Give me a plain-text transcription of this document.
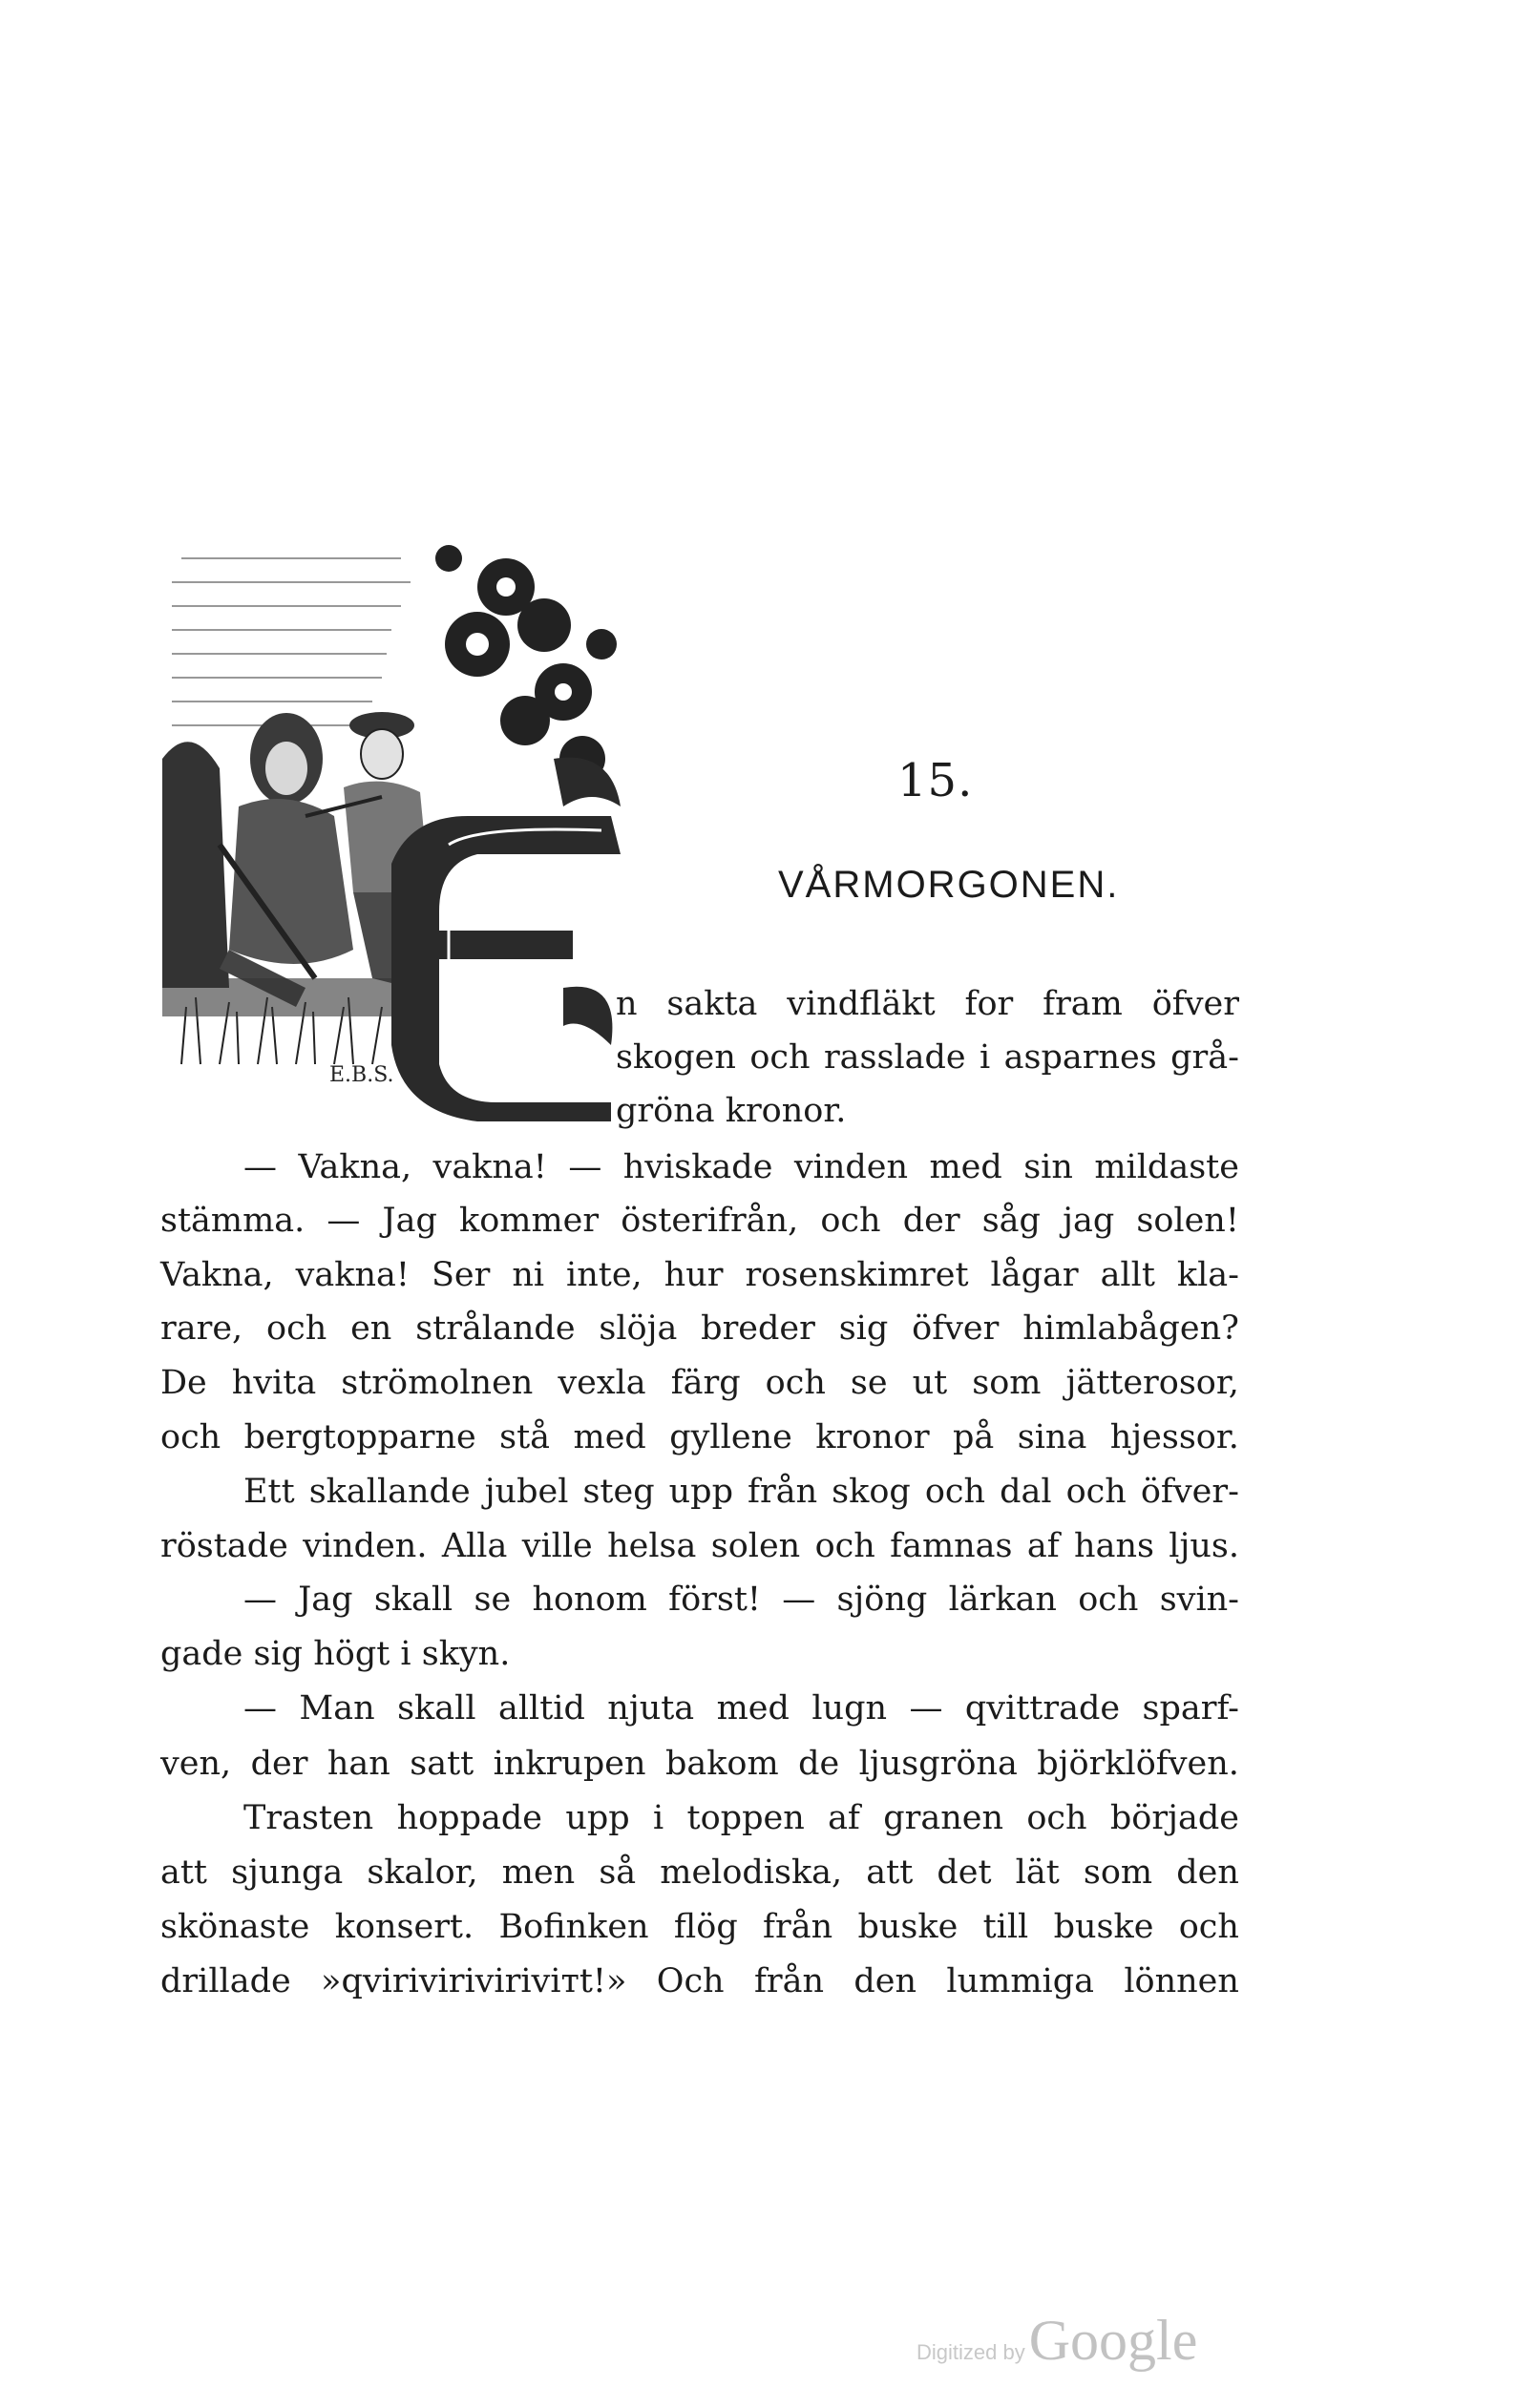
E.B.S.
15.
VÅRMORGONEN.
n sakta vindfläkt for fram öfver
skogen och rasslade i asparnes grå-
gröna kronor.
— Vakna, vakna! — hviskade vinden med sin mildaste
stämma. — Jag kommer österifrån, och der såg jag solen!
Vakna, vakna! Ser ni inte, hur rosenskimret lågar allt kla-
rare, och en strålande slöja breder sig öfver himlabågen?
De hvita strömolnen vexla färg och se ut som jätterosor,
och bergtopparne stå med gyllene kronor på sina hjessor.
Ett skallande jubel steg upp från skog och dal och öfver-
röstade vinden. Alla ville helsa solen och famnas af hans ljus.
— Jag skall se honom först! — sjöng lärkan och svin-
gade sig högt i skyn.
— Man skall alltid njuta med lugn — qvittrade sparf-
ven, der han satt inkrupen bakom de ljusgröna björklöfven.
Trasten hoppade upp i toppen af granen och började
att sjunga skalor, men så melodiska, att det lät som den
skönaste konsert. Bofinken flög från buske till buske och
drillade »qviriviriviriviтt!» Och från den lummiga lönnen
Digitized byGoogle
